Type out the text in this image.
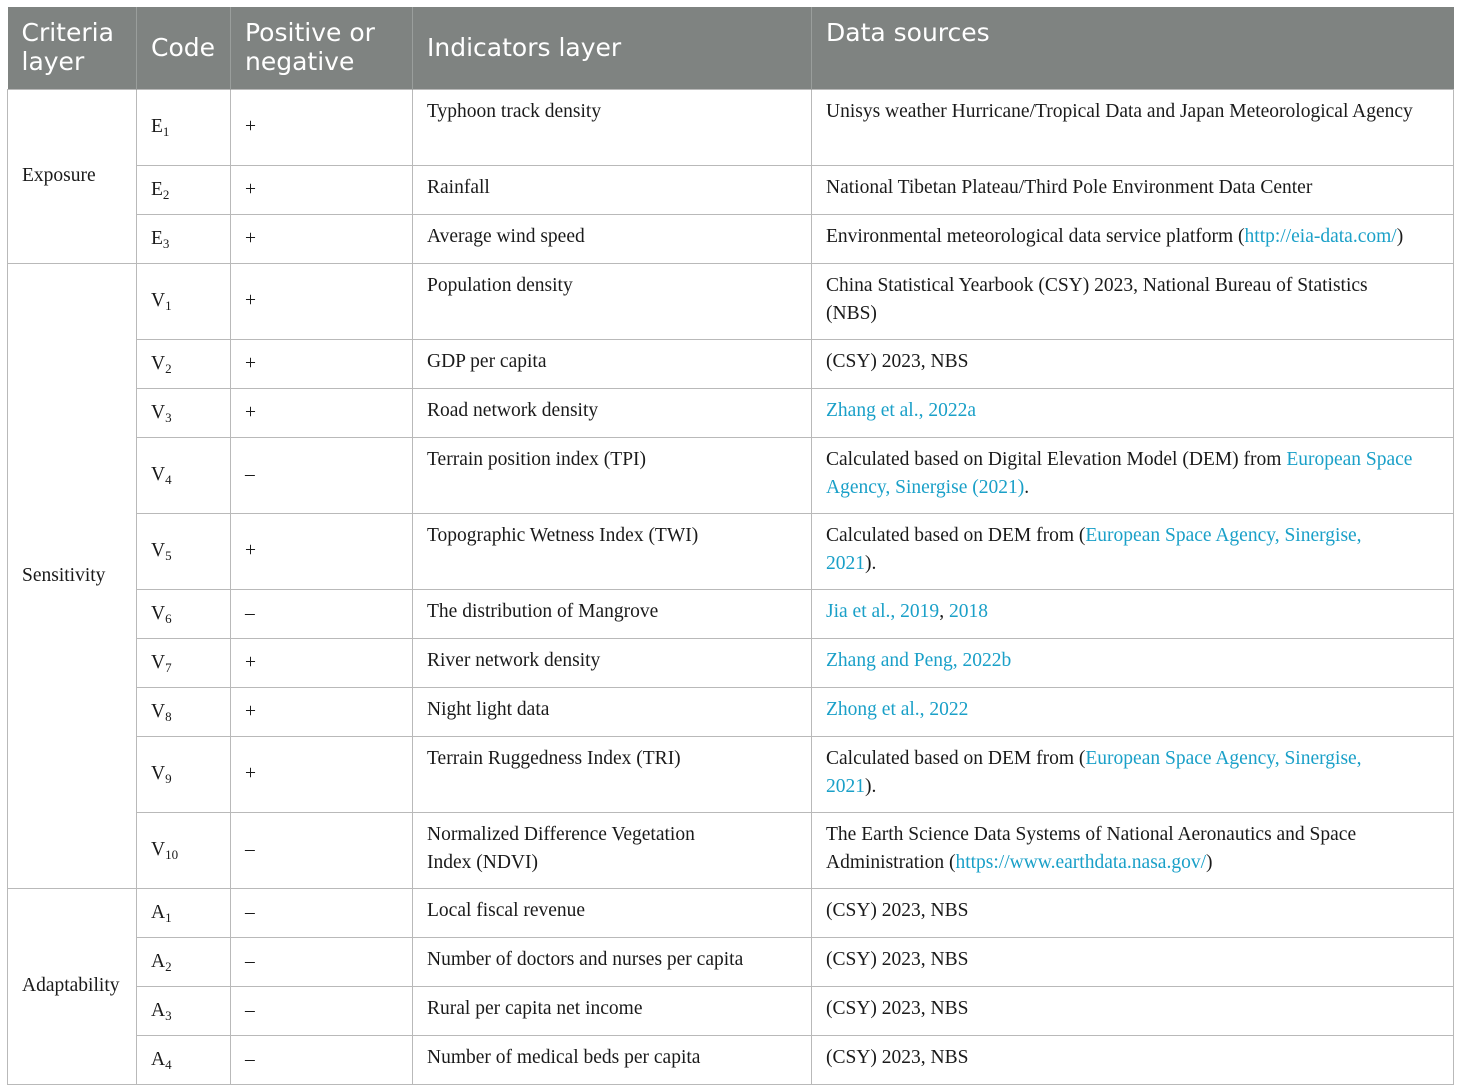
Criteria layer	Code	Positive or negative	Indicators layer	Data sources
Exposure	$E_1$	+	Typhoon track density	Unisys weather Hurricane/Tropical Data and Japan Meteorological Agency
	$E_2$	+	Rainfall	National Tibetan Plateau/Third Pole Environment Data Center
	$E_3$	+	Average wind speed	Environmental meteorological data service platform (http://eia-data.com/)
Sensitivity	$V_1$	+	Population density	China Statistical Yearbook (CSY) 2023, National Bureau of Statistics (NBS)
	$V_2$	+	GDP per capita	(CSY) 2023, NBS
	$V_3$	+	Road network density	Zhang et al., 2022a
	$V_4$	–	Terrain position index (TPI)	Calculated based on Digital Elevation Model (DEM) from European Space Agency, Sinergise (2021).
	$V_5$	+	Topographic Wetness Index (TWI)	Calculated based on DEM from (European Space Agency, Sinergise, 2021).
	$V_6$	–	The distribution of Mangrove	Jia et al., 2019, 2018
	$V_7$	+	River network density	Zhang and Peng, 2022b
	$V_8$	+	Night light data	Zhong et al., 2022
	$V_9$	+	Terrain Ruggedness Index (TRI)	Calculated based on DEM from (European Space Agency, Sinergise, 2021).
	$V_{10}$	–	Normalized Difference Vegetation Index (NDVI)	The Earth Science Data Systems of National Aeronautics and Space Administration (https://www.earthdata.nasa.gov/)
Adaptability	$A_1$	–	Local fiscal revenue	(CSY) 2023, NBS
	$A_2$	–	Number of doctors and nurses per capita	(CSY) 2023, NBS
	$A_3$	–	Rural per capita net income	(CSY) 2023, NBS
	$A_4$	–	Number of medical beds per capita	(CSY) 2023, NBS
